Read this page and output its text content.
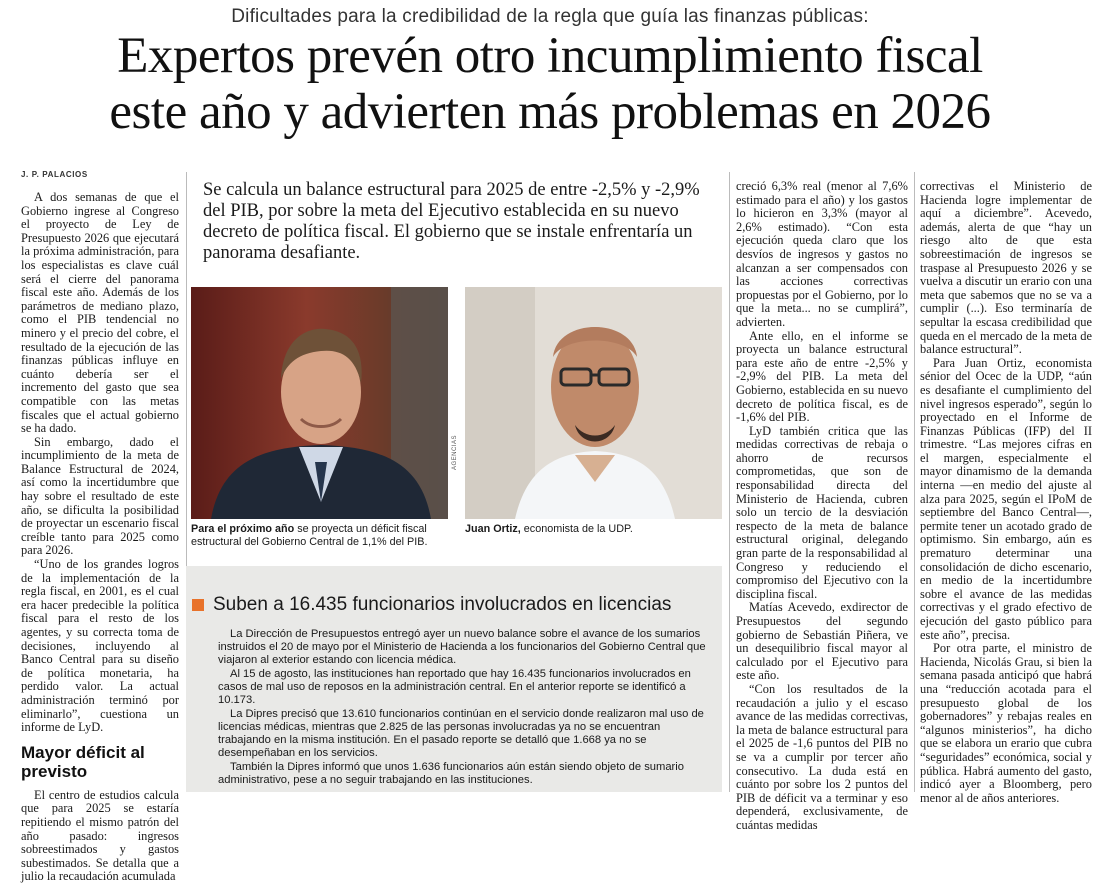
Dificultades para la credibilidad de la regla que guía las finanzas públicas:
Expertos prevén otro incumplimiento fiscal
este año y advierten más problemas en 2026
J. P. PALACIOS

A dos semanas de que el Gobierno ingrese al Congreso el proyecto de Ley de Presupuesto 2026 que ejecutará la próxima administración, para los especialistas es clave cuál será el cierre del panorama fiscal este año. Además de los parámetros de mediano plazo, como el PIB tendencial no minero y el precio del cobre, el resultado de la ejecución de las finanzas públicas influye en cuánto debería ser el incremento del gasto que sea compatible con las metas fiscales que el actual gobierno se ha dado.

Sin embargo, dado el incumplimiento de la meta de Balance Estructural de 2024, así como la incertidumbre que hay sobre el resultado de este año, se dificulta la posibilidad de proyectar un escenario fiscal creíble tanto para 2025 como para 2026.

“Uno de los grandes logros de la implementación de la regla fiscal, en 2001, es el cual era hacer predecible la política fiscal para el resto de los agentes, y su correcta toma de decisiones, incluyendo al Banco Central para su diseño de política monetaria, ha perdido valor. La actual administración terminó por eliminarlo”, cuestiona un informe de LyD.

Mayor déficit al previsto

El centro de estudios calcula que para 2025 se estaría repitiendo el mismo patrón del año pasado: ingresos sobreestimados y gastos subestimados. Se detalla que a julio la recaudación acumulada

Se calcula un balance estructural para 2025 de entre -2,5% y -2,9% del PIB, por sobre la meta del Ejecutivo establecida en su nuevo decreto de política fiscal. El gobierno que se instale enfrentaría un panorama desafiante.
AGENCIAS
Para el próximo año se proyecta un déficit fiscal estructural del Gobierno Central de 1,1% del PIB.
Juan Ortiz, economista de la UDP.
Suben a 16.435 funcionarios involucrados en licencias

La Dirección de Presupuestos entregó ayer un nuevo balance sobre el avance de los sumarios instruidos el 20 de mayo por el Ministerio de Hacienda a los funcionarios del Gobierno Central que viajaron al exterior estando con licencia médica.

Al 15 de agosto, las instituciones han reportado que hay 16.435 funcionarios involucrados en casos de mal uso de reposos en la administración central. En el anterior reporte se identificó a 10.173.

La Dipres precisó que 13.610 funcionarios continúan en el servicio donde realizaron mal uso de licencias médicas, mientras que 2.825 de las personas involucradas ya no se encuentran trabajando en la misma institución. En el pasado reporte se detalló que 1.668 ya no se desempeñaban en los servicios.

También la Dipres informó que unos 1.636 funcionarios aún están siendo objeto de sumario administrativo, pese a no seguir trabajando en las instituciones.

creció 6,3% real (menor al 7,6% estimado para el año) y los gastos lo hicieron en 3,3% (mayor al 2,6% estimado). “Con esta ejecución queda claro que los desvíos de ingresos y gastos no alcanzan a ser compensados con las acciones correctivas propuestas por el Gobierno, por lo que la meta... no se cumplirá”, advierten.

Ante ello, en el informe se proyecta un balance estructural para este año de entre -2,5% y -2,9% del PIB. La meta del Gobierno, establecida en su nuevo decreto de política fiscal, es de -1,6% del PIB.

LyD también critica que las medidas correctivas de rebaja o ahorro de recursos comprometidas, que son de responsabilidad directa del Ministerio de Hacienda, cubren solo un tercio de la desviación respecto de la meta de balance estructural original, delegando gran parte de la responsabilidad al Congreso y reduciendo el compromiso del Ejecutivo con la disciplina fiscal.

Matías Acevedo, exdirector de Presupuestos del segundo gobierno de Sebastián Piñera, ve un desequilibrio fiscal mayor al calculado por el Ejecutivo para este año.

“Con los resultados de la recaudación a julio y el escaso avance de las medidas correctivas, la meta de balance estructural para el 2025 de -1,6 puntos del PIB no se va a cumplir por tercer año consecutivo. La duda está en cuánto por sobre los 2 puntos del PIB de déficit va a terminar y eso dependerá, exclusivamente, de cuántas medidas

correctivas el Ministerio de Hacienda logre implementar de aquí a diciembre”. Acevedo, además, alerta de que “hay un riesgo alto de que esta sobreestimación de ingresos se traspase al Presupuesto 2026 y se vuelva a discutir un erario con una meta que sabemos que no se va a cumplir (...). Eso terminaría de sepultar la escasa credibilidad que queda en el mercado de la meta de balance estructural”.

Para Juan Ortiz, economista sénior del Ocec de la UDP, “aún es desafiante el cumplimiento del nivel ingresos esperado”, según lo proyectado en el Informe de Finanzas Públicas (IFP) del II trimestre. “Las mejores cifras en el margen, especialmente el mayor dinamismo de la demanda interna —en medio del ajuste al alza para 2025, según el IPoM de septiembre del Banco Central—, permite tener un acotado grado de optimismo. Sin embargo, aún es prematuro determinar una consolidación de dicho escenario, en medio de la incertidumbre sobre el avance de las medidas correctivas y el grado efectivo de ejecución del gasto público para este año”, precisa.

Por otra parte, el ministro de Hacienda, Nicolás Grau, si bien la semana pasada anticipó que habrá una “reducción acotada para el presupuesto global de los gobernadores” y rebajas reales en “algunos ministerios”, ha dicho que se elabora un erario que cubra “seguridades” económica, social y pública. Habrá aumento del gasto, indicó ayer a Bloomberg, pero menor al de años anteriores.
